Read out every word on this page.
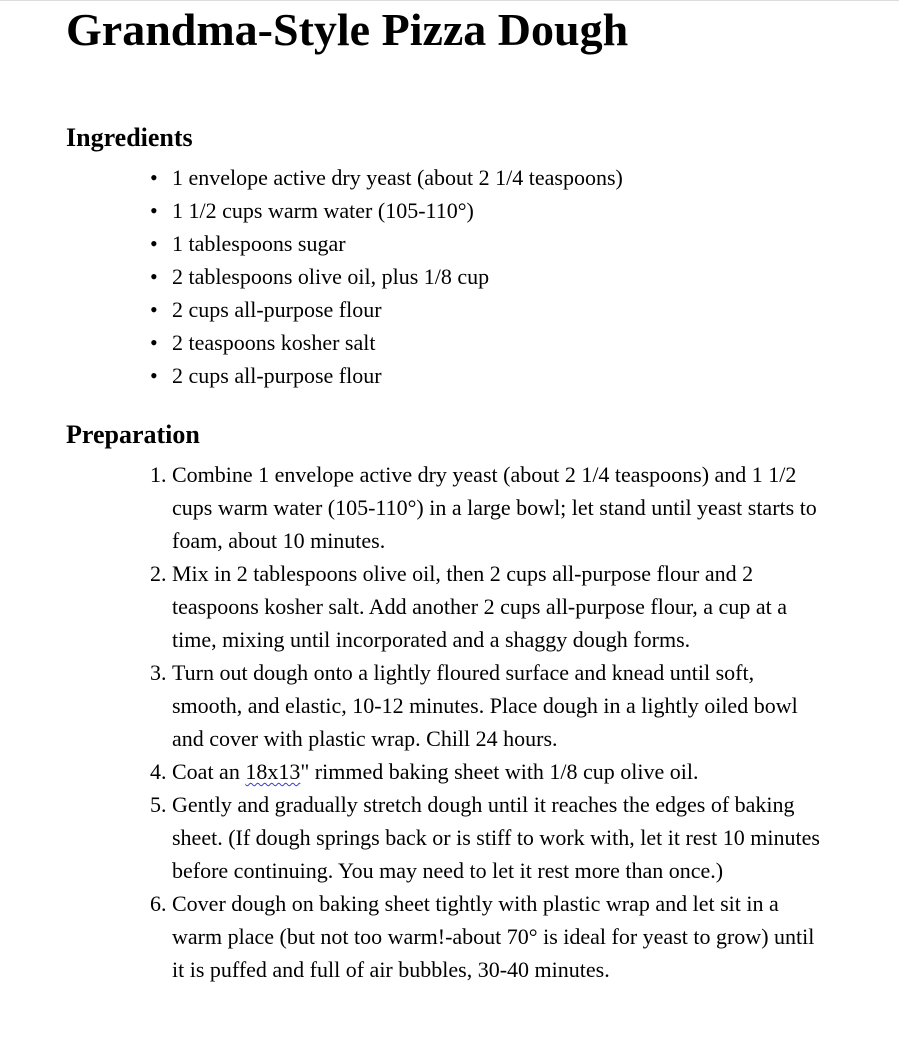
Grandma-Style Pizza Dough
Ingredients
• 1 envelope active dry yeast (about 2 1/4 teaspoons)
• 1 1/2 cups warm water (105-110°)
• 1 tablespoons sugar
• 2 tablespoons olive oil, plus 1/8 cup
• 2 cups all-purpose flour
• 2 teaspoons kosher salt
• 2 cups all-purpose flour
Preparation
1. Combine 1 envelope active dry yeast (about 2 1/4 teaspoons) and 1 1/2 cups warm water (105-110°) in a large bowl; let stand until yeast starts to foam, about 10 minutes.
2. Mix in 2 tablespoons olive oil, then 2 cups all-purpose flour and 2 teaspoons kosher salt. Add another 2 cups all-purpose flour, a cup at a time, mixing until incorporated and a shaggy dough forms.
3. Turn out dough onto a lightly floured surface and knead until soft, smooth, and elastic, 10-12 minutes. Place dough in a lightly oiled bowl and cover with plastic wrap. Chill 24 hours.
4. Coat an 18x13" rimmed baking sheet with 1/8 cup olive oil.
5. Gently and gradually stretch dough until it reaches the edges of baking sheet. (If dough springs back or is stiff to work with, let it rest 10 minutes before continuing. You may need to let it rest more than once.)
6. Cover dough on baking sheet tightly with plastic wrap and let sit in a warm place (but not too warm!-about 70° is ideal for yeast to grow) until it is puffed and full of air bubbles, 30-40 minutes.
